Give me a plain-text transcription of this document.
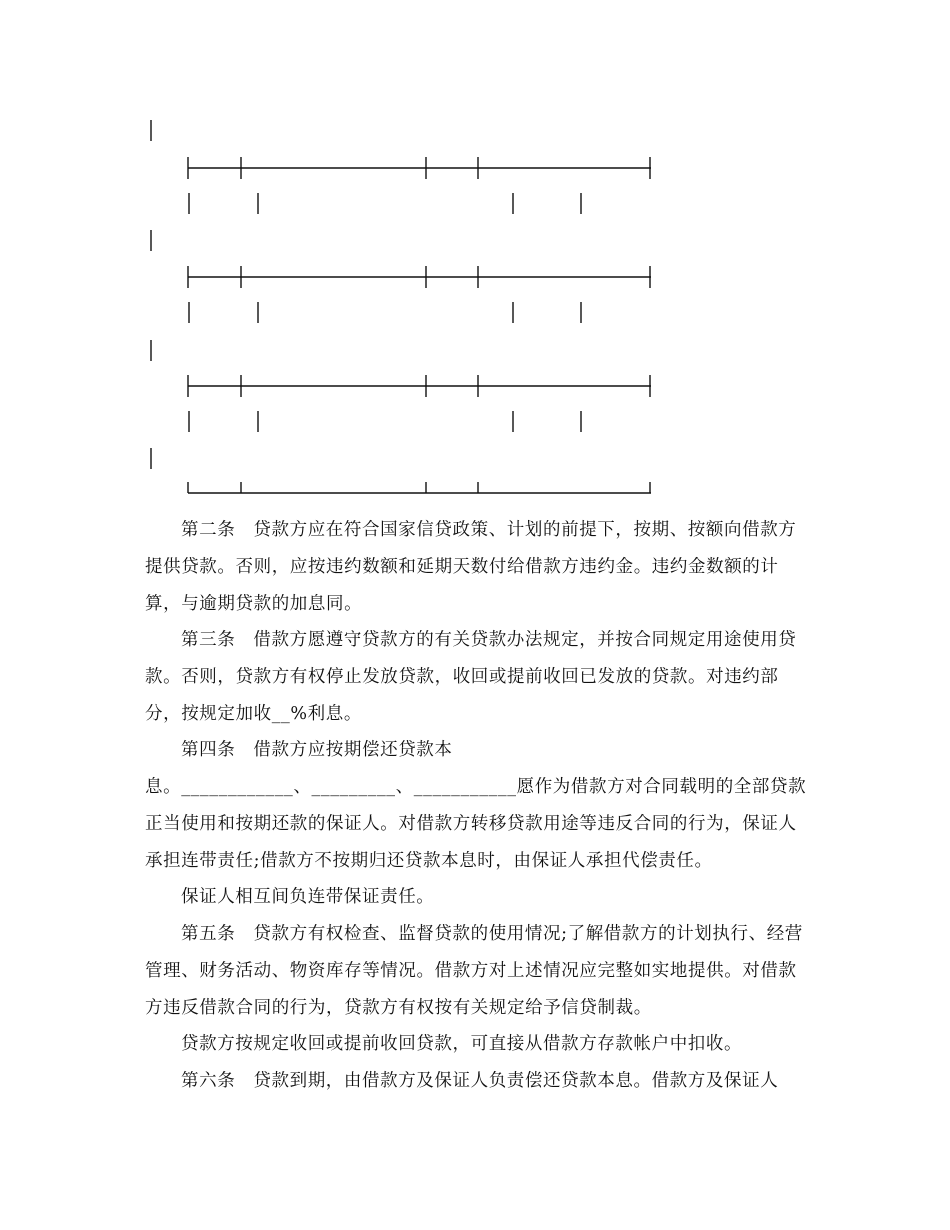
第二条　贷款方应在符合国家信贷政策、计划的前提下，按期、按额向借款方提供贷款。否则，应按违约数额和延期天数付给借款方违约金。违约金数额的计算，与逾期贷款的加息同。

第三条　借款方愿遵守贷款方的有关贷款办法规定，并按合同规定用途使用贷款。否则，贷款方有权停止发放贷款，收回或提前收回已发放的贷款。对违约部分，按规定加收__%利息。

第四条　借款方应按期偿还贷款本

息。____________、_________、___________愿作为借款方对合同载明的全部贷款正当使用和按期还款的保证人。对借款方转移贷款用途等违反合同的行为，保证人承担连带责任;借款方不按期归还贷款本息时，由保证人承担代偿责任。

保证人相互间负连带保证责任。

第五条　贷款方有权检查、监督贷款的使用情况;了解借款方的计划执行、经营管理、财务活动、物资库存等情况。借款方对上述情况应完整如实地提供。对借款方违反借款合同的行为，贷款方有权按有关规定给予信贷制裁。

贷款方按规定收回或提前收回贷款，可直接从借款方存款帐户中扣收。

第六条　贷款到期，由借款方及保证人负责偿还贷款本息。借款方及保证人
